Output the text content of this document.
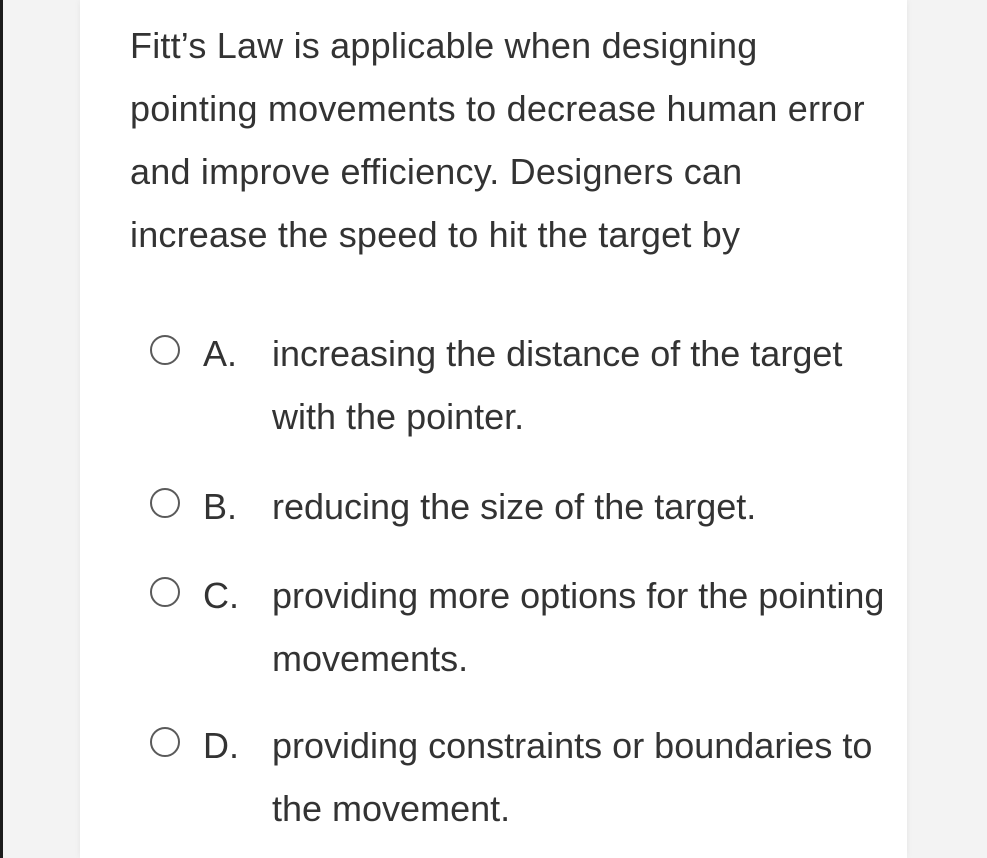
Fitt’s Law is applicable when designing pointing movements to decrease human error and improve efficiency. Designers can increase the speed to hit the target by
A. increasing the distance of the target with the pointer.
B. reducing the size of the target.
C. providing more options for the pointing movements.
D. providing constraints or boundaries to the movement.
